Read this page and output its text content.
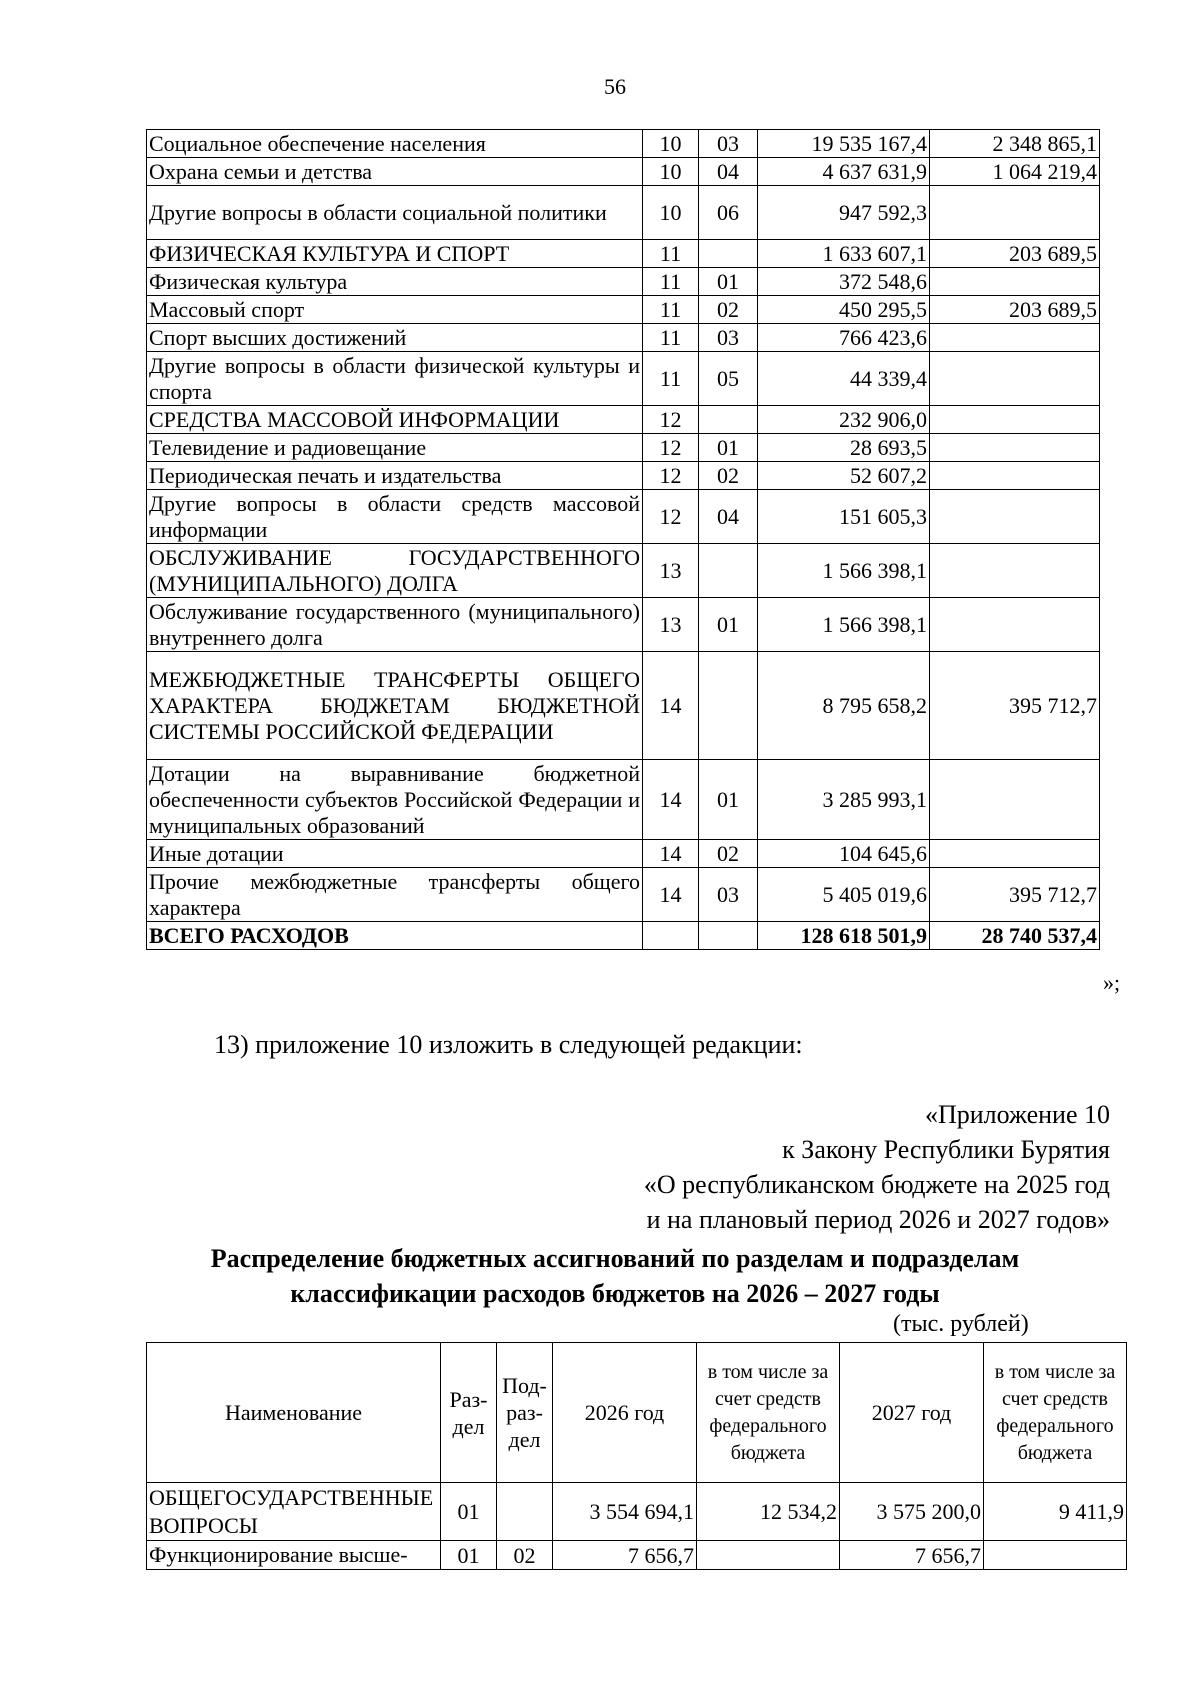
56
Социальное обеспечение населения	10	03	19 535 167,4	2 348 865,1
Охрана семьи и детства	10	04	4 637 631,9	1 064 219,4
Другие вопросы в области социальной политики	10	06	947 592,3	
ФИЗИЧЕСКАЯ КУЛЬТУРА И СПОРТ	11		1 633 607,1	203 689,5
Физическая культура	11	01	372 548,6	
Массовый спорт	11	02	450 295,5	203 689,5
Спорт высших достижений	11	03	766 423,6	
Другие вопросы в области физической культуры и спорта	11	05	44 339,4	
СРЕДСТВА МАССОВОЙ ИНФОРМАЦИИ	12		232 906,0	
Телевидение и радиовещание	12	01	28 693,5	
Периодическая печать и издательства	12	02	52 607,2	
Другие вопросы в области средств массовой информации	12	04	151 605,3	
ОБСЛУЖИВАНИЕ ГОСУДАРСТВЕННОГО (МУНИЦИПАЛЬНОГО) ДОЛГА	13		1 566 398,1	
Обслуживание государственного (муниципального) внутреннего долга	13	01	1 566 398,1	
МЕЖБЮДЖЕТНЫЕ ТРАНСФЕРТЫ ОБЩЕГО ХАРАКТЕРА БЮДЖЕТАМ БЮДЖЕТНОЙ СИСТЕМЫ РОССИЙСКОЙ ФЕДЕРАЦИИ	14		8 795 658,2	395 712,7
Дотации на выравнивание бюджетной обеспеченности субъектов Российской Федерации и муниципальных образований	14	01	3 285 993,1	
Иные дотации	14	02	104 645,6	
Прочие межбюджетные трансферты общего характера	14	03	5 405 019,6	395 712,7
ВСЕГО РАСХОДОВ			128 618 501,9	28 740 537,4
»;
13) приложение 10 изложить в следующей редакции:
«Приложение 10
к Закону Республики Бурятия
«О республиканском бюджете на 2025 год
и на плановый период 2026 и 2027 годов»
Распределение бюджетных ассигнований по разделам и подразделам
классификации расходов бюджетов на 2026 – 2027 годы
(тыс. рублей)
Наименование	Раз-дел	Под-раз-дел	2026 год	в том числе за счет средств федерального бюджета	2027 год	в том числе за счет средств федерального бюджета
ОБЩЕГОСУДАРСТВЕННЫЕ ВОПРОСЫ	01		3 554 694,1	12 534,2	3 575 200,0	9 411,9
Функционирование высше-	01	02	7 656,7		7 656,7	
